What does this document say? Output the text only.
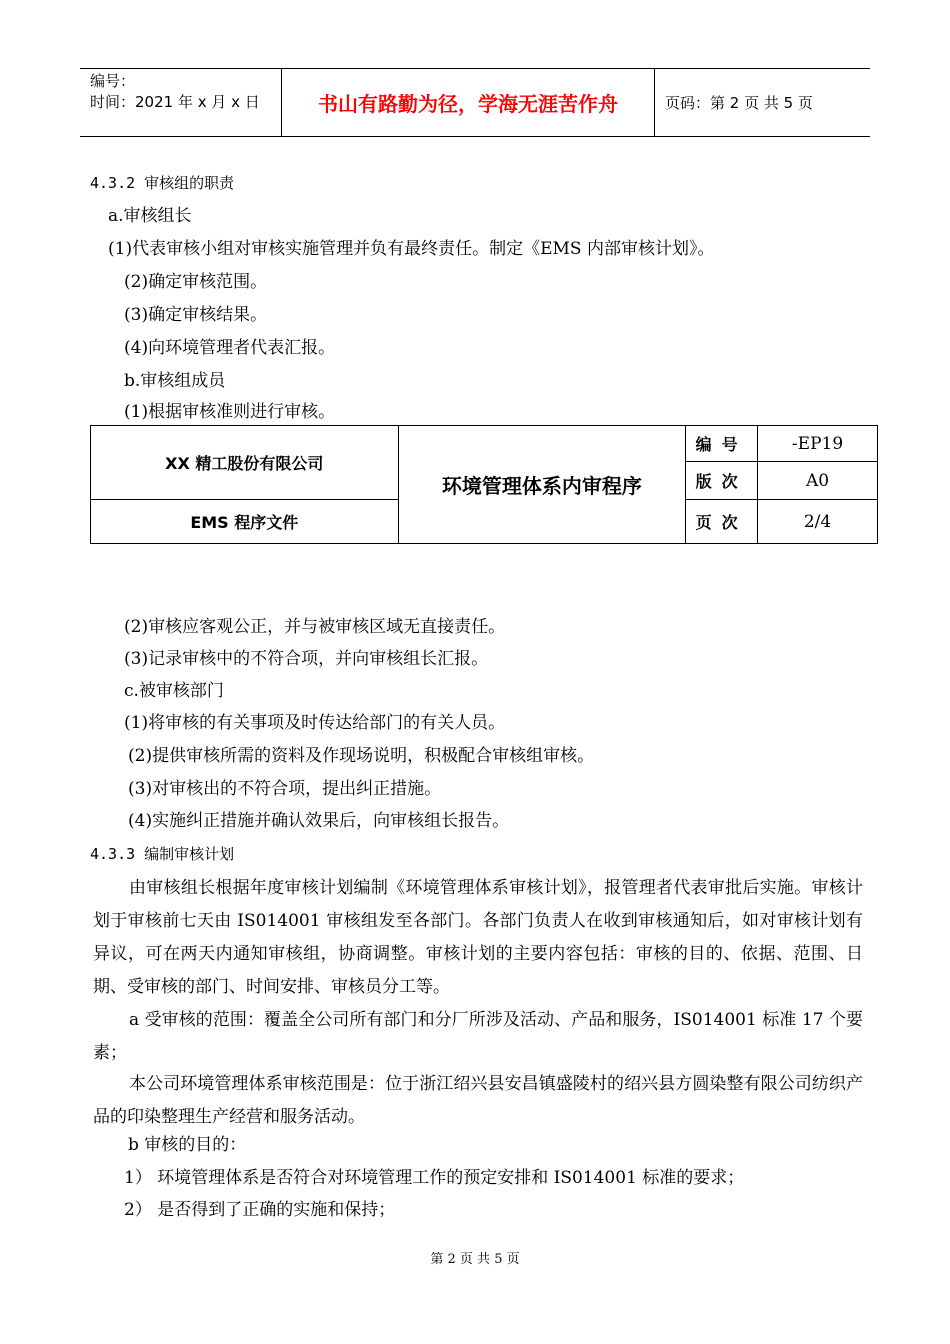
编号：
时间：2021 年 x 月 x 日	书山有路勤为径，学海无涯苦作舟	页码：第 2 页 共 5 页
4.3.2 审核组的职责
a.审核组长
(1)代表审核小组对审核实施管理并负有最终责任。制定《EMS 内部审核计划》。
(2)确定审核范围。
(3)确定审核结果。
(4)向环境管理者代表汇报。
b.审核组成员
(1)根据审核准则进行审核。
XX 精工股份有限公司	环境管理体系内审程序	编号	-EP19
		版次	A0
EMS 程序文件		页次	2/4
(2)审核应客观公正，并与被审核区域无直接责任。
(3)记录审核中的不符合项，并向审核组长汇报。
c.被审核部门
(1)将审核的有关事项及时传达给部门的有关人员。
(2)提供审核所需的资料及作现场说明，积极配合审核组审核。
(3)对审核出的不符合项，提出纠正措施。
(4)实施纠正措施并确认效果后，向审核组长报告。
4.3.3 编制审核计划
由审核组长根据年度审核计划编制《环境管理体系审核计划》，报管理者代表审批后实施。审核计划于审核前七天由 IS014001 审核组发至各部门。各部门负责人在收到审核通知后，如对审核计划有异议，可在两天内通知审核组，协商调整。审核计划的主要内容包括：审核的目的、依据、范围、日期、受审核的部门、时间安排、审核员分工等。
a 受审核的范围：覆盖全公司所有部门和分厂所涉及活动、产品和服务，IS014001 标准 17 个要素；
本公司环境管理体系审核范围是：位于浙江绍兴县安昌镇盛陵村的绍兴县方圆染整有限公司纺织产品的印染整理生产经营和服务活动。
b 审核的目的：
1） 环境管理体系是否符合对环境管理工作的预定安排和 IS014001 标准的要求；
2） 是否得到了正确的实施和保持；
第 2 页 共 5 页
